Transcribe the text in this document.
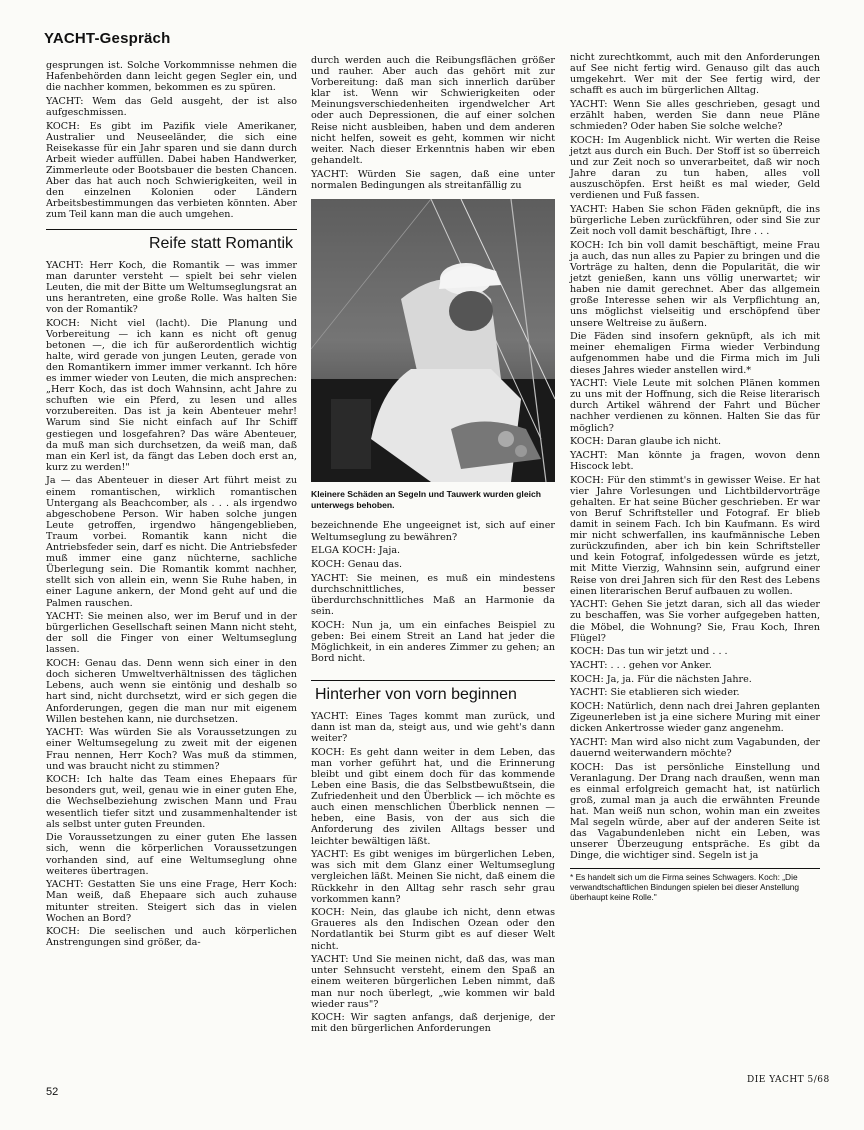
YACHT-Gespräch

gesprungen ist. Solche Vorkommnisse nehmen die Hafenbehörden dann leicht gegen Segler ein, und die nachher kommen, bekommen es zu spüren.

YACHT: Wem das Geld ausgeht, der ist also aufgeschmissen.

KOCH: Es gibt im Pazifik viele Amerikaner, Australier und Neuseeländer, die sich eine Reisekasse für ein Jahr sparen und sie dann durch Arbeit wieder auffüllen. Dabei haben Handwerker, Zimmerleute oder Bootsbauer die besten Chancen. Aber das hat auch noch Schwierigkeiten, weil in den einzelnen Kolonien oder Ländern Arbeitsbestimmungen das verbieten könnten. Aber zum Teil kann man die auch umgehen.

Reife statt Romantik

YACHT: Herr Koch, die Romantik — was immer man darunter versteht — spielt bei sehr vielen Leuten, die mit der Bitte um Weltumseglungsrat an uns herantreten, eine große Rolle. Was halten Sie von der Romantik?

KOCH: Nicht viel (lacht). Die Planung und Vorbereitung — ich kann es nicht oft genug betonen —, die ich für außerordentlich wichtig halte, wird gerade von jungen Leuten, gerade von den Romantikern immer immer verkannt. Ich höre es immer wieder von Leuten, die mich ansprechen: „Herr Koch, das ist doch Wahnsinn, acht Jahre zu schuften wie ein Pferd, zu lesen und alles vorzubereiten. Das ist ja kein Abenteuer mehr! Warum sind Sie nicht einfach auf Ihr Schiff gestiegen und losgefahren? Das wäre Abenteuer, da muß man sich durchsetzen, da weiß man, daß man ein Kerl ist, da fängt das Leben doch erst an, kurz zu werden!"

Ja — das Abenteuer in dieser Art führt meist zu einem romantischen, wirklich romantischen Untergang als Beachcomber, als . . . als irgendwo abgeschobene Person. Wir haben solche jungen Leute getroffen, irgendwo hängengeblieben, Traum vorbei. Romantik kann nicht die Antriebsfeder sein, darf es nicht. Die Antriebsfeder muß immer eine ganz nüchterne, sachliche Überlegung sein. Die Romantik kommt nachher, stellt sich von allein ein, wenn Sie Ruhe haben, in einer Lagune ankern, der Mond geht auf und die Palmen rauschen.

YACHT: Sie meinen also, wer im Beruf und in der bürgerlichen Gesellschaft seinen Mann nicht steht, der soll die Finger von einer Weltumseglung lassen.

KOCH: Genau das. Denn wenn sich einer in den doch sicheren Umweltverhältnissen des täglichen Lebens, auch wenn sie eintönig und deshalb so hart sind, nicht durchsetzt, wird er sich gegen die Anforderungen, gegen die man nur mit eigenem Willen bestehen kann, nie durchsetzen.

YACHT: Was würden Sie als Voraussetzungen zu einer Weltumsegelung zu zweit mit der eigenen Frau nennen, Herr Koch? Was muß da stimmen, und was braucht nicht zu stimmen?

KOCH: Ich halte das Team eines Ehepaars für besonders gut, weil, genau wie in einer guten Ehe, die Wechselbeziehung zwischen Mann und Frau wesentlich tiefer sitzt und zusammenhaltender ist als selbst unter guten Freunden.

Die Voraussetzungen zu einer guten Ehe lassen sich, wenn die körperlichen Voraussetzungen vorhanden sind, auf eine Weltumseglung ohne weiteres übertragen.

YACHT: Gestatten Sie uns eine Frage, Herr Koch: Man weiß, daß Ehepaare sich auch zuhause mitunter streiten. Steigert sich das in vielen Wochen an Bord?

KOCH: Die seelischen und auch körperlichen Anstrengungen sind größer, da-

durch werden auch die Reibungsflächen größer und rauher. Aber auch das gehört mit zur Vorbereitung: daß man sich innerlich darüber klar ist. Wenn wir Schwierigkeiten oder Meinungsverschiedenheiten irgendwelcher Art oder auch Depressionen, die auf einer solchen Reise nicht ausbleiben, haben und dem anderen nicht helfen, soweit es geht, kommen wir nicht weiter. Nach dieser Erkenntnis haben wir eben gehandelt.

YACHT: Würden Sie sagen, daß eine unter normalen Bedingungen als streitanfällig zu

Kleinere Schäden an Segeln und Tauwerk wurden gleich unterwegs behoben.

bezeichnende Ehe ungeeignet ist, sich auf einer Weltumseglung zu bewähren?

ELGA KOCH: Jaja.

KOCH: Genau das.

YACHT: Sie meinen, es muß ein mindestens durchschnittliches, besser überdurchschnittliches Maß an Harmonie da sein.

KOCH: Nun ja, um ein einfaches Beispiel zu geben: Bei einem Streit an Land hat jeder die Möglichkeit, in ein anderes Zimmer zu gehen; an Bord nicht.

Hinterher von vorn beginnen

YACHT: Eines Tages kommt man zurück, und dann ist man da, steigt aus, und wie geht's dann weiter?

KOCH: Es geht dann weiter in dem Leben, das man vorher geführt hat, und die Erinnerung bleibt und gibt einem doch für das kommende Leben eine Basis, die das Selbstbewußtsein, die Zufriedenheit und den Überblick — ich möchte es auch einen menschlichen Überblick nennen — heben, eine Basis, von der aus sich die Anforderung des zivilen Alltags besser und leichter bewältigen läßt.

YACHT: Es gibt weniges im bürgerlichen Leben, was sich mit dem Glanz einer Weltumseglung vergleichen läßt. Meinen Sie nicht, daß einem die Rückkehr in den Alltag sehr rasch sehr grau vorkommen kann?

KOCH: Nein, das glaube ich nicht, denn etwas Graueres als den Indischen Ozean oder den Nordatlantik bei Sturm gibt es auf dieser Welt nicht.

YACHT: Und Sie meinen nicht, daß das, was man unter Sehnsucht versteht, einem den Spaß an einem weiteren bürgerlichen Leben nimmt, daß man nur noch überlegt, „wie kommen wir bald wieder raus"?

KOCH: Wir sagten anfangs, daß derjenige, der mit den bürgerlichen Anforderungen

nicht zurechtkommt, auch mit den Anforderungen auf See nicht fertig wird. Genauso gilt das auch umgekehrt. Wer mit der See fertig wird, der schafft es auch im bürgerlichen Alltag.

YACHT: Wenn Sie alles geschrieben, gesagt und erzählt haben, werden Sie dann neue Pläne schmieden? Oder haben Sie solche welche?

KOCH: Im Augenblick nicht. Wir werten die Reise jetzt aus durch ein Buch. Der Stoff ist so überreich und zur Zeit noch so unverarbeitet, daß wir noch Jahre daran zu tun haben, alles voll auszuschöpfen. Erst heißt es mal wieder, Geld verdienen und Fuß fassen.

YACHT: Haben Sie schon Fäden geknüpft, die ins bürgerliche Leben zurückführen, oder sind Sie zur Zeit noch voll damit beschäftigt, Ihre . . .

KOCH: Ich bin voll damit beschäftigt, meine Frau ja auch, das nun alles zu Papier zu bringen und die Vorträge zu halten, denn die Popularität, die wir jetzt genießen, kann uns völlig unerwartet; wir haben nie damit gerechnet. Aber das allgemein große Interesse sehen wir als Verpflichtung an, uns möglichst vielseitig und erschöpfend über unsere Weltreise zu äußern.

Die Fäden sind insofern geknüpft, als ich mit meiner ehemaligen Firma wieder Verbindung aufgenommen habe und die Firma mich im Juli dieses Jahres wieder anstellen wird.*

YACHT: Viele Leute mit solchen Plänen kommen zu uns mit der Hoffnung, sich die Reise literarisch durch Artikel während der Fahrt und Bücher nachher verdienen zu können. Halten Sie das für möglich?

KOCH: Daran glaube ich nicht.

YACHT: Man könnte ja fragen, wovon denn Hiscock lebt.

KOCH: Für den stimmt's in gewisser Weise. Er hat vier Jahre Vorlesungen und Lichtbildervorträge gehalten. Er hat seine Bücher geschrieben. Er war von Beruf Schriftsteller und Fotograf. Er blieb damit in seinem Fach. Ich bin Kaufmann. Es wird mir nicht schwerfallen, ins kaufmännische Leben zurückzufinden, aber ich bin kein Schriftsteller und kein Fotograf, infolgedessen würde es jetzt, mit Mitte Vierzig, Wahnsinn sein, aufgrund einer Reise von drei Jahren sich für den Rest des Lebens einen literarischen Beruf aufbauen zu wollen.

YACHT: Gehen Sie jetzt daran, sich all das wieder zu beschaffen, was Sie vorher aufgegeben hatten, die Möbel, die Wohnung? Sie, Frau Koch, Ihren Flügel?

KOCH: Das tun wir jetzt und . . .

YACHT: . . . gehen vor Anker.

KOCH: Ja, ja. Für die nächsten Jahre.

YACHT: Sie etablieren sich wieder.

KOCH: Natürlich, denn nach drei Jahren geplanten Zigeunerleben ist ja eine sichere Muring mit einer dicken Ankertrosse wieder ganz angenehm.

YACHT: Man wird also nicht zum Vagabunden, der dauernd weiterwandern möchte?

KOCH: Das ist persönliche Einstellung und Veranlagung. Der Drang nach draußen, wenn man es einmal erfolgreich gemacht hat, ist natürlich groß, zumal man ja auch die erwähnten Freunde hat. Man weiß nun schon, wohin man ein zweites Mal segeln würde, aber auf der anderen Seite ist das Vagabundenleben nicht ein Leben, was unserer Überzeugung entspräche. Es gibt da Dinge, die wichtiger sind. Segeln ist ja

* Es handelt sich um die Firma seines Schwagers. Koch: „Die verwandtschaftlichen Bindungen spielen bei dieser Anstellung überhaupt keine Rolle."
52
DIE YACHT 5/68
